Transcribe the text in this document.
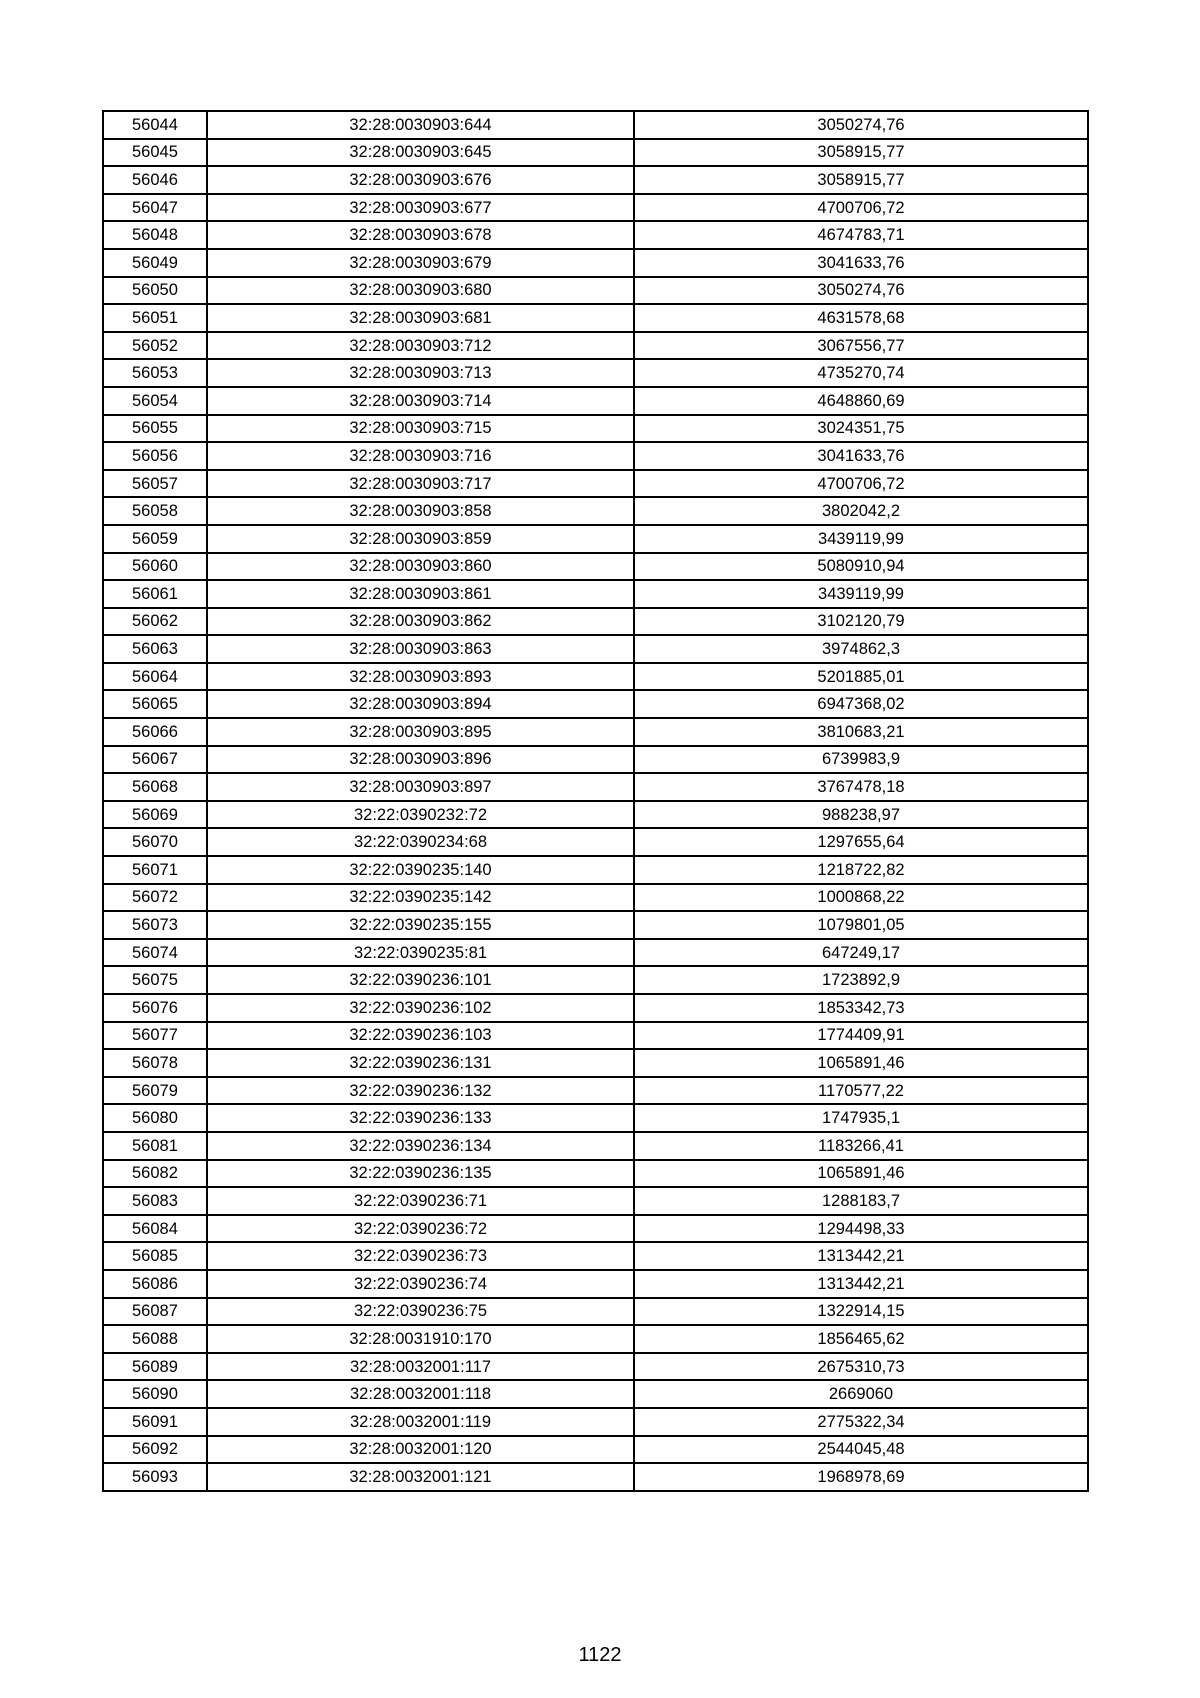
56044	32:28:0030903:644	3050274,76
56045	32:28:0030903:645	3058915,77
56046	32:28:0030903:676	3058915,77
56047	32:28:0030903:677	4700706,72
56048	32:28:0030903:678	4674783,71
56049	32:28:0030903:679	3041633,76
56050	32:28:0030903:680	3050274,76
56051	32:28:0030903:681	4631578,68
56052	32:28:0030903:712	3067556,77
56053	32:28:0030903:713	4735270,74
56054	32:28:0030903:714	4648860,69
56055	32:28:0030903:715	3024351,75
56056	32:28:0030903:716	3041633,76
56057	32:28:0030903:717	4700706,72
56058	32:28:0030903:858	3802042,2
56059	32:28:0030903:859	3439119,99
56060	32:28:0030903:860	5080910,94
56061	32:28:0030903:861	3439119,99
56062	32:28:0030903:862	3102120,79
56063	32:28:0030903:863	3974862,3
56064	32:28:0030903:893	5201885,01
56065	32:28:0030903:894	6947368,02
56066	32:28:0030903:895	3810683,21
56067	32:28:0030903:896	6739983,9
56068	32:28:0030903:897	3767478,18
56069	32:22:0390232:72	988238,97
56070	32:22:0390234:68	1297655,64
56071	32:22:0390235:140	1218722,82
56072	32:22:0390235:142	1000868,22
56073	32:22:0390235:155	1079801,05
56074	32:22:0390235:81	647249,17
56075	32:22:0390236:101	1723892,9
56076	32:22:0390236:102	1853342,73
56077	32:22:0390236:103	1774409,91
56078	32:22:0390236:131	1065891,46
56079	32:22:0390236:132	1170577,22
56080	32:22:0390236:133	1747935,1
56081	32:22:0390236:134	1183266,41
56082	32:22:0390236:135	1065891,46
56083	32:22:0390236:71	1288183,7
56084	32:22:0390236:72	1294498,33
56085	32:22:0390236:73	1313442,21
56086	32:22:0390236:74	1313442,21
56087	32:22:0390236:75	1322914,15
56088	32:28:0031910:170	1856465,62
56089	32:28:0032001:117	2675310,73
56090	32:28:0032001:118	2669060
56091	32:28:0032001:119	2775322,34
56092	32:28:0032001:120	2544045,48
56093	32:28:0032001:121	1968978,69
1122
